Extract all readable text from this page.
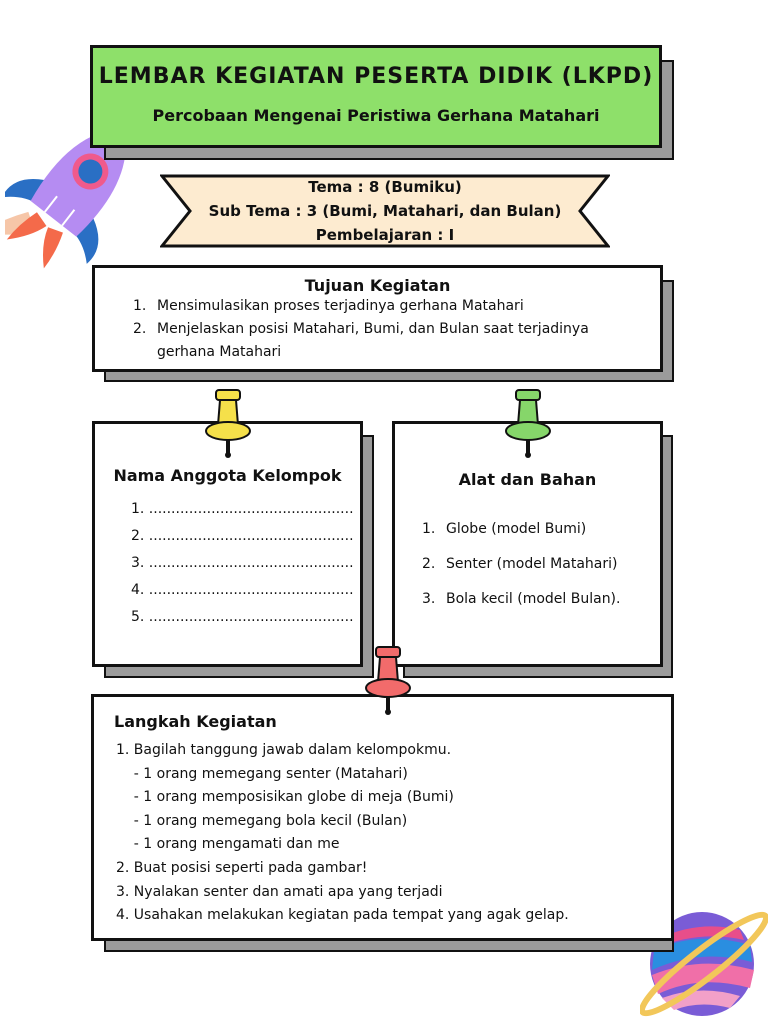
LEMBAR KEGIATAN PESERTA DIDIK (LKPD)
Percobaan Mengenai Peristiwa Gerhana Matahari
Tema : 8 (Bumiku)
Sub Tema : 3 (Bumi, Matahari, dan Bulan)
Pembelajaran : I
Tujuan Kegiatan
1. Mensimulasikan proses terjadinya gerhana Matahari
2. Menjelaskan posisi Matahari, Bumi, dan Bulan saat terjadinya gerhana Matahari
Nama Anggota Kelompok
1. ..............................................
2. ..............................................
3. ..............................................
4. ..............................................
5. ..............................................
Alat dan Bahan
1. Globe (model Bumi)
2. Senter (model Matahari)
3. Bola kecil (model Bulan).
Langkah Kegiatan
1. Bagilah tanggung jawab dalam kelompokmu.
- 1 orang memegang senter (Matahari)
- 1 orang memposisikan globe di meja (Bumi)
- 1 orang memegang bola kecil (Bulan)
- 1 orang mengamati dan me
2. Buat posisi seperti pada gambar!
3. Nyalakan senter dan amati apa yang terjadi
4. Usahakan melakukan kegiatan pada tempat yang agak gelap.
